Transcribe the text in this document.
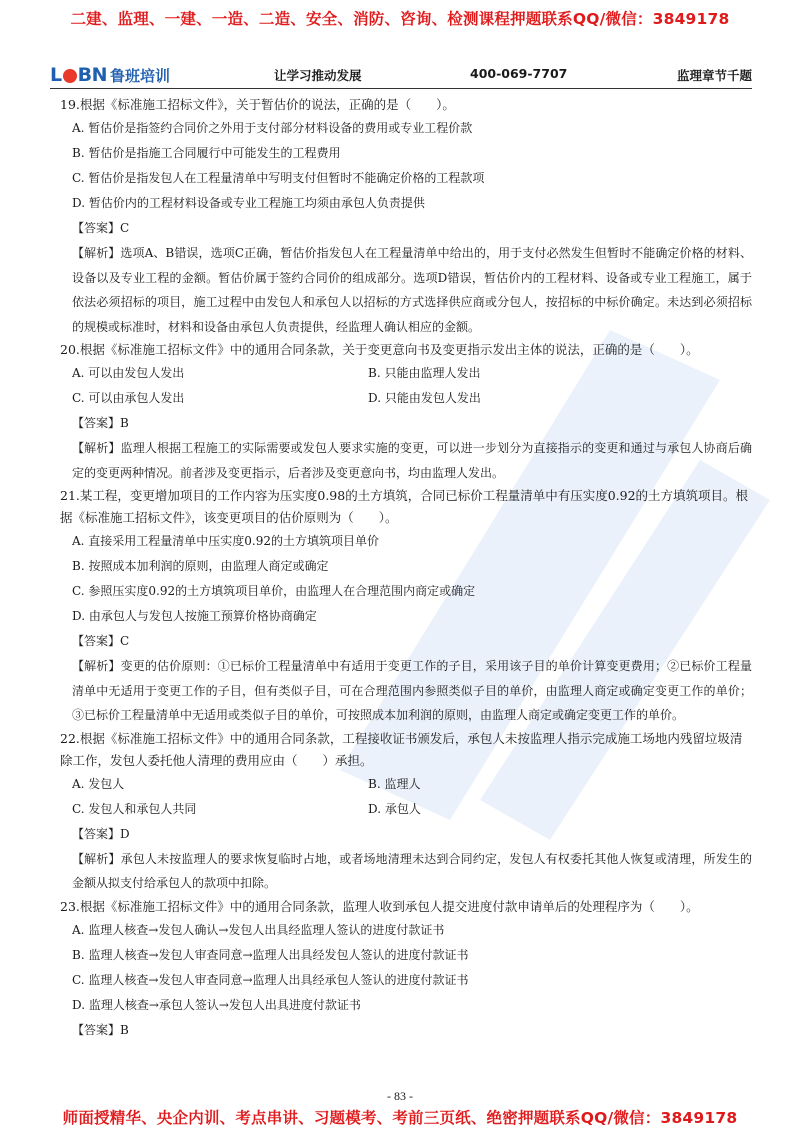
二建、监理、一建、一造、二造、安全、消防、咨询、检测课程押题联系QQ/微信：3849178
L BN 鲁班培训	让学习推动发展	400-069-7707	监理章节千题

19.根据《标准施工招标文件》，关于暂估价的说法，正确的是（　　）。

A. 暂估价是指签约合同价之外用于支付部分材料设备的费用或专业工程价款

B. 暂估价是指施工合同履行中可能发生的工程费用

C. 暂估价是指发包人在工程量清单中写明支付但暂时不能确定价格的工程款项

D. 暂估价内的工程材料设备或专业工程施工均须由承包人负责提供

【答案】C

【解析】选项A、B错误，选项C正确，暂估价指发包人在工程量清单中给出的，用于支付必然发生但暂时不能确定价格的材料、设备以及专业工程的金额。暂估价属于签约合同价的组成部分。选项D错误，暂估价内的工程材料、设备或专业工程施工，属于依法必须招标的项目，施工过程中由发包人和承包人以招标的方式选择供应商或分包人，按招标的中标价确定。未达到必须招标的规模或标准时，材料和设备由承包人负责提供，经监理人确认相应的金额。

20.根据《标准施工招标文件》中的通用合同条款，关于变更意向书及变更指示发出主体的说法，正确的是（　　）。

A. 可以由发包人发出	B. 只能由监理人发出

C. 可以由承包人发出	D. 只能由发包人发出

【答案】B

【解析】监理人根据工程施工的实际需要或发包人要求实施的变更，可以进一步划分为直接指示的变更和通过与承包人协商后确定的变更两种情况。前者涉及变更指示，后者涉及变更意向书，均由监理人发出。

21.某工程，变更增加项目的工作内容为压实度0.98的土方填筑，合同已标价工程量清单中有压实度0.92的土方填筑项目。根据《标准施工招标文件》，该变更项目的估价原则为（　　）。

A. 直接采用工程量清单中压实度0.92的土方填筑项目单价

B. 按照成本加利润的原则，由监理人商定或确定

C. 参照压实度0.92的土方填筑项目单价，由监理人在合理范围内商定或确定

D. 由承包人与发包人按施工预算价格协商确定

【答案】C

【解析】变更的估价原则：①已标价工程量清单中有适用于变更工作的子目，采用该子目的单价计算变更费用；②已标价工程量清单中无适用于变更工作的子目，但有类似子目，可在合理范围内参照类似子目的单价，由监理人商定或确定变更工作的单价；③已标价工程量清单中无适用或类似子目的单价，可按照成本加利润的原则，由监理人商定或确定变更工作的单价。

22.根据《标准施工招标文件》中的通用合同条款，工程接收证书颁发后，承包人未按监理人指示完成施工场地内残留垃圾清除工作，发包人委托他人清理的费用应由（　　）承担。

A. 发包人	B. 监理人

C. 发包人和承包人共同	D. 承包人

【答案】D

【解析】承包人未按监理人的要求恢复临时占地，或者场地清理未达到合同约定，发包人有权委托其他人恢复或清理，所发生的金额从拟支付给承包人的款项中扣除。

23.根据《标准施工招标文件》中的通用合同条款，监理人收到承包人提交进度付款申请单后的处理程序为（　　）。

A. 监理人核查→发包人确认→发包人出具经监理人签认的进度付款证书

B. 监理人核查→发包人审查同意→监理人出具经发包人签认的进度付款证书

C. 监理人核查→发包人审查同意→监理人出具经承包人签认的进度付款证书

D. 监理人核查→承包人签认→发包人出具进度付款证书

【答案】B

- 83 -
师面授精华、央企内训、考点串讲、习题模考、考前三页纸、绝密押题联系QQ/微信：3849178
